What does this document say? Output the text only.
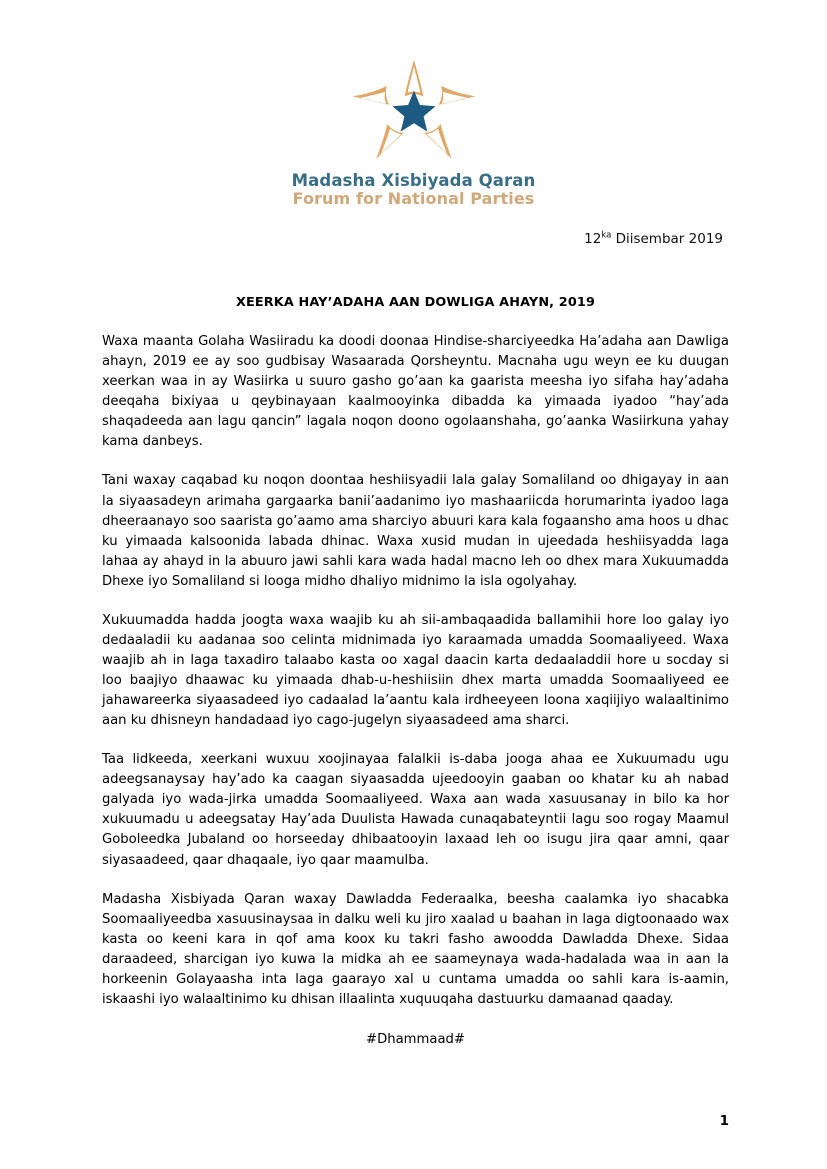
Madasha Xisbiyada Qaran
Forum for National Parties
$12^{ka}$ Diisembar 2019
XEERKA HAY’ADAHA AAN DOWLIGA AHAYN, 2019

Waxa maanta Golaha Wasiiradu ka doodi doonaa Hindise-sharciyeedka Ha’adaha aan Dawliga ahayn, 2019 ee ay soo gudbisay Wasaarada Qorsheyntu. Macnaha ugu weyn ee ku duugan xeerkan waa in ay Wasiirka u suuro gasho go’aan ka gaarista meesha iyo sifaha hay’adaha deeqaha bixiyaa u qeybinayaan kaalmooyinka dibadda ka yimaada iyadoo “hay’ada shaqadeeda aan lagu qancin” lagala noqon doono ogolaanshaha, go’aanka Wasiirkuna yahay kama danbeys.

Tani waxay caqabad ku noqon doontaa heshiisyadii lala galay Somaliland oo dhigayay in aan la siyaasadeyn arimaha gargaarka banii’aadanimo iyo mashaariicda horumarinta iyadoo laga dheeraanayo soo saarista go’aamo ama sharciyo abuuri kara kala fogaansho ama hoos u dhac ku yimaada kalsoonida labada dhinac. Waxa xusid mudan in ujeedada heshiisyadda laga lahaa ay ahayd in la abuuro jawi sahli kara wada hadal macno leh oo dhex mara Xukuumadda Dhexe iyo Somaliland si looga midho dhaliyo midnimo la isla ogolyahay.

Xukuumadda hadda joogta waxa waajib ku ah sii-ambaqaadida ballamihii hore loo galay iyo dedaaladii ku aadanaa soo celinta midnimada iyo karaamada umadda Soomaaliyeed. Waxa waajib ah in laga taxadiro talaabo kasta oo xagal daacin karta dedaaladdii hore u socday si loo baajiyo dhaawac ku yimaada dhab-u-heshiisiin dhex marta umadda Soomaaliyeed ee jahawareerka siyaasadeed iyo cadaalad la’aantu kala irdheeyeen loona xaqiijiyo walaaltinimo aan ku dhisneyn handadaad iyo cago-jugelyn siyaasadeed ama sharci.

Taa lidkeeda, xeerkani wuxuu xoojinayaa falalkii is-daba jooga ahaa ee Xukuumadu ugu adeegsanaysay hay’ado ka caagan siyaasadda ujeedooyin gaaban oo khatar ku ah nabad galyada iyo wada-jirka umadda Soomaaliyeed. Waxa aan wada xasuusanay in bilo ka hor xukuumadu u adeegsatay Hay’ada Duulista Hawada cunaqabateyntii lagu soo rogay Maamul Goboleedka Jubaland oo horseeday dhibaatooyin laxaad leh oo isugu jira qaar amni, qaar siyasaadeed, qaar dhaqaale, iyo qaar maamulba.

Madasha Xisbiyada Qaran waxay Dawladda Federaalka, beesha caalamka iyo shacabka Soomaaliyeedba xasuusinaysaa in dalku weli ku jiro xaalad u baahan in laga digtoonaado wax kasta oo keeni kara in qof ama koox ku takri fasho awoodda Dawladda Dhexe. Sidaa daraadeed, sharcigan iyo kuwa la midka ah ee saameynaya wada-hadalada waa in aan la horkeenin Golayaasha inta laga gaarayo xal u cuntama umadda oo sahli kara is-aamin, iskaashi iyo walaaltinimo ku dhisan illaalinta xuquuqaha dastuurku damaanad qaaday.

#Dhammaad#

1
